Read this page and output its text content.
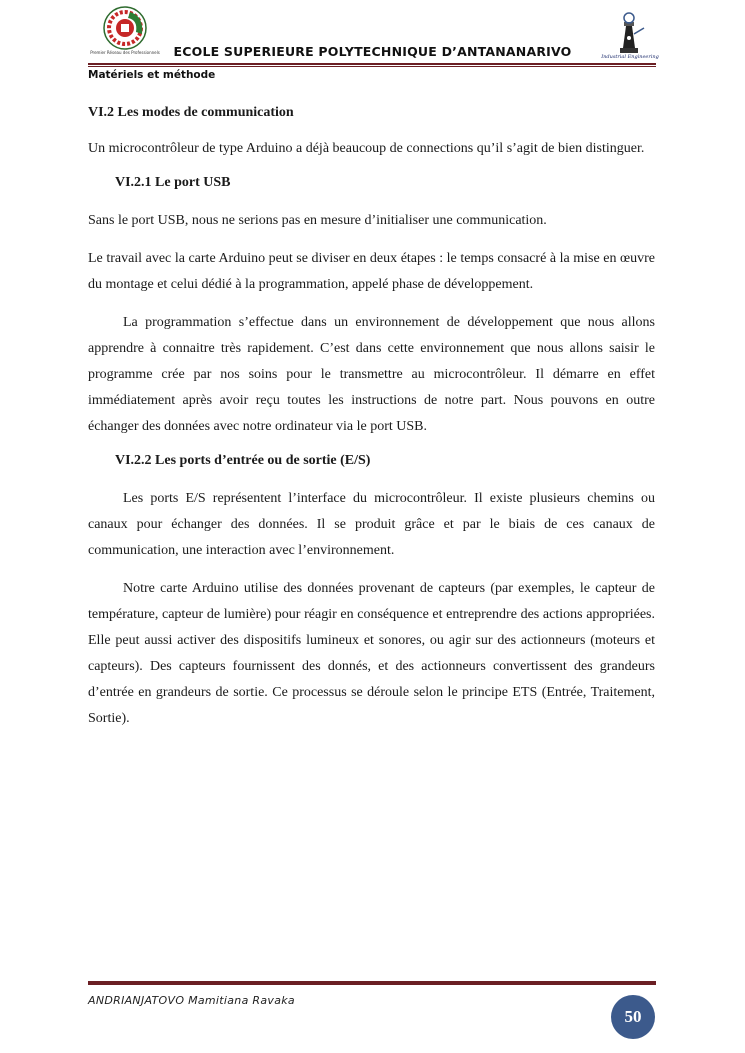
Premier Réseau des Professionnels	ECOLE SUPERIEURE POLYTECHNIQUE D’ANTANANARIVO	Industrial Engineering
Matériels et méthode
VI.2 Les modes de communication

Un microcontrôleur de type Arduino a déjà beaucoup de connections qu’il s’agit de bien distinguer.

VI.2.1 Le port USB

Sans le port USB, nous ne serions pas en mesure d’initialiser une communication.

Le travail avec la carte Arduino peut se diviser en deux étapes : le temps consacré à la mise en œuvre du montage et celui dédié à la programmation, appelé phase de développement.

La programmation s’effectue dans un environnement de développement que nous allons apprendre à connaitre très rapidement. C’est dans cette environnement que nous allons saisir le programme crée par nos soins pour le transmettre au microcontrôleur. Il démarre en effet immédiatement après avoir reçu toutes les instructions de notre part. Nous pouvons en outre échanger des données avec notre ordinateur via le port USB.

VI.2.2 Les ports d’entrée ou de sortie (E/S)

Les ports E/S représentent l’interface du microcontrôleur. Il existe plusieurs chemins ou canaux pour échanger des données. Il se produit grâce et par le biais de ces canaux de communication, une interaction avec l’environnement.

Notre carte Arduino utilise des données provenant de capteurs (par exemples, le capteur de température, capteur de lumière) pour réagir en conséquence et entreprendre des actions appropriées. Elle peut aussi activer des dispositifs lumineux et sonores, ou agir sur des actionneurs (moteurs et capteurs). Des capteurs fournissent des donnés, et des actionneurs convertissent des grandeurs d’entrée en grandeurs de sortie. Ce processus se déroule selon le principe ETS (Entrée, Traitement, Sortie).

ANDRIANJATOVO Mamitiana Ravaka
50
